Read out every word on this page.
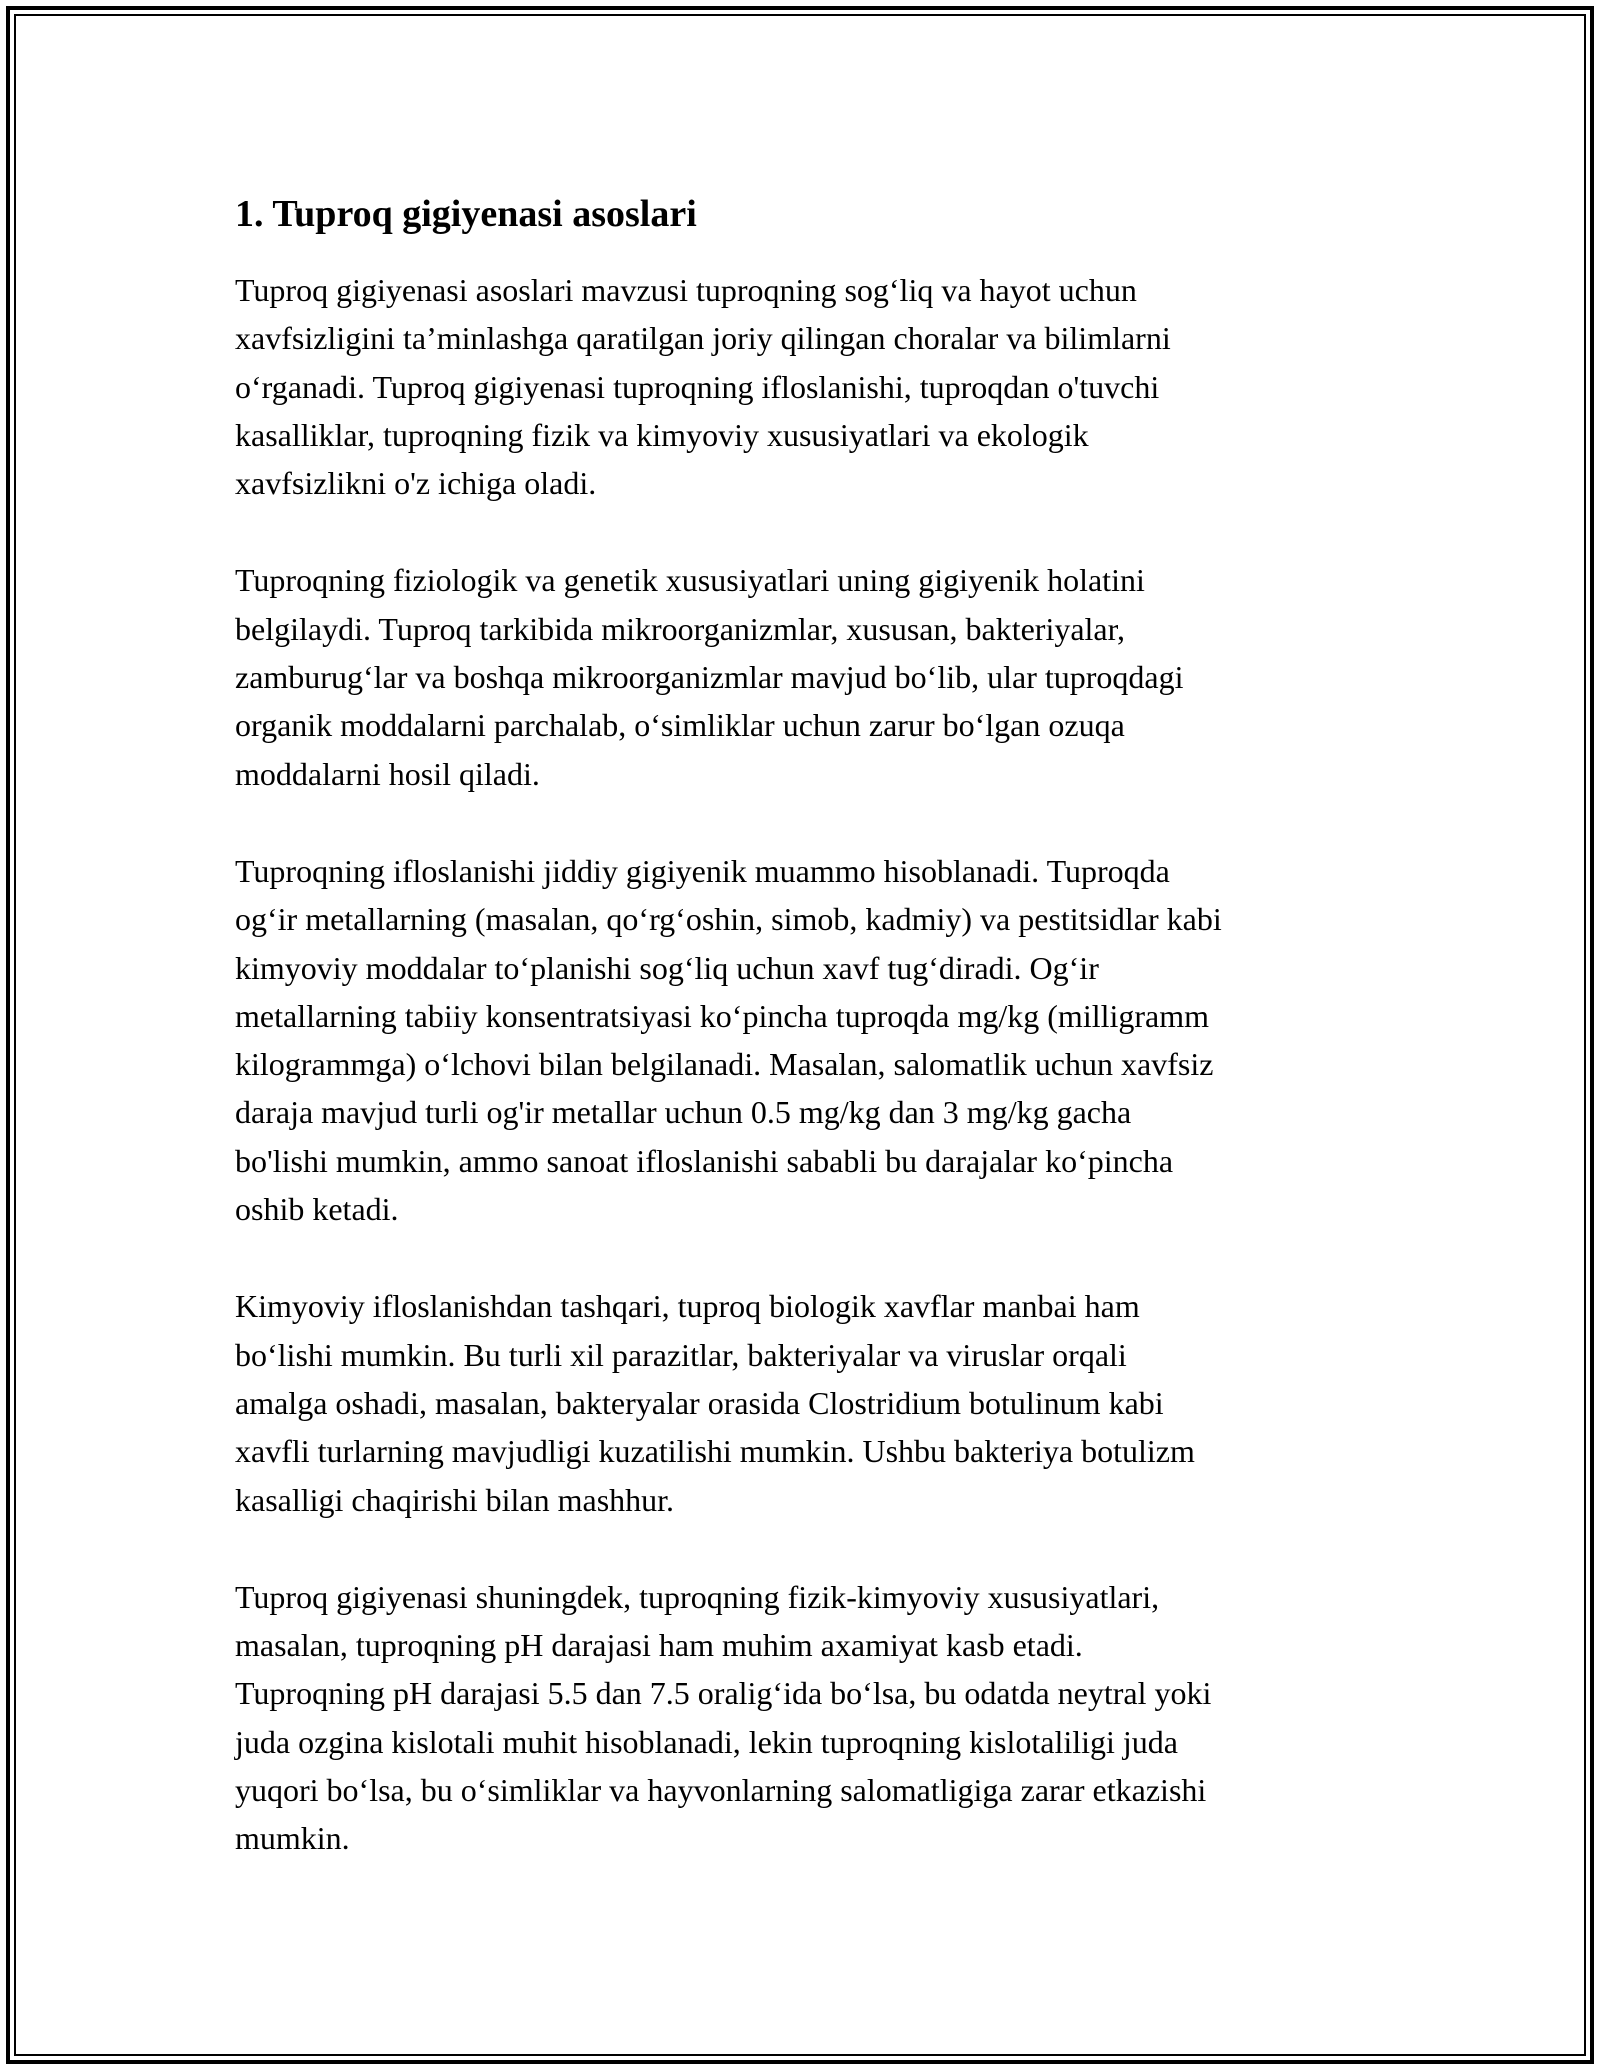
1. Tuproq gigiyenasi asoslari

Tuproq gigiyenasi asoslari mavzusi tuproqning sog‘liq va hayot uchun
xavfsizligini ta’minlashga qaratilgan joriy qilingan choralar va bilimlarni
o‘rganadi. Tuproq gigiyenasi tuproqning ifloslanishi, tuproqdan o'tuvchi
kasalliklar, tuproqning fizik va kimyoviy xususiyatlari va ekologik
xavfsizlikni o'z ichiga oladi.

Tuproqning fiziologik va genetik xususiyatlari uning gigiyenik holatini
belgilaydi. Tuproq tarkibida mikroorganizmlar, xususan, bakteriyalar,
zamburug‘lar va boshqa mikroorganizmlar mavjud bo‘lib, ular tuproqdagi
organik moddalarni parchalab, o‘simliklar uchun zarur bo‘lgan ozuqa
moddalarni hosil qiladi.

Tuproqning ifloslanishi jiddiy gigiyenik muammo hisoblanadi. Tuproqda
og‘ir metallarning (masalan, qo‘rg‘oshin, simob, kadmiy) va pestitsidlar kabi
kimyoviy moddalar to‘planishi sog‘liq uchun xavf tug‘diradi. Og‘ir
metallarning tabiiy konsentratsiyasi ko‘pincha tuproqda mg/kg (milligramm
kilogrammga) o‘lchovi bilan belgilanadi. Masalan, salomatlik uchun xavfsiz
daraja mavjud turli og'ir metallar uchun 0.5 mg/kg dan 3 mg/kg gacha
bo'lishi mumkin, ammo sanoat ifloslanishi sababli bu darajalar ko‘pincha
oshib ketadi.

Kimyoviy ifloslanishdan tashqari, tuproq biologik xavflar manbai ham
bo‘lishi mumkin. Bu turli xil parazitlar, bakteriyalar va viruslar orqali
amalga oshadi, masalan, bakteryalar orasida Clostridium botulinum kabi
xavfli turlarning mavjudligi kuzatilishi mumkin. Ushbu bakteriya botulizm
kasalligi chaqirishi bilan mashhur.

Tuproq gigiyenasi shuningdek, tuproqning fizik-kimyoviy xususiyatlari,
masalan, tuproqning pH darajasi ham muhim axamiyat kasb etadi.
Tuproqning pH darajasi 5.5 dan 7.5 oralig‘ida bo‘lsa, bu odatda neytral yoki
juda ozgina kislotali muhit hisoblanadi, lekin tuproqning kislotaliligi juda
yuqori bo‘lsa, bu o‘simliklar va hayvonlarning salomatligiga zarar etkazishi
mumkin.
